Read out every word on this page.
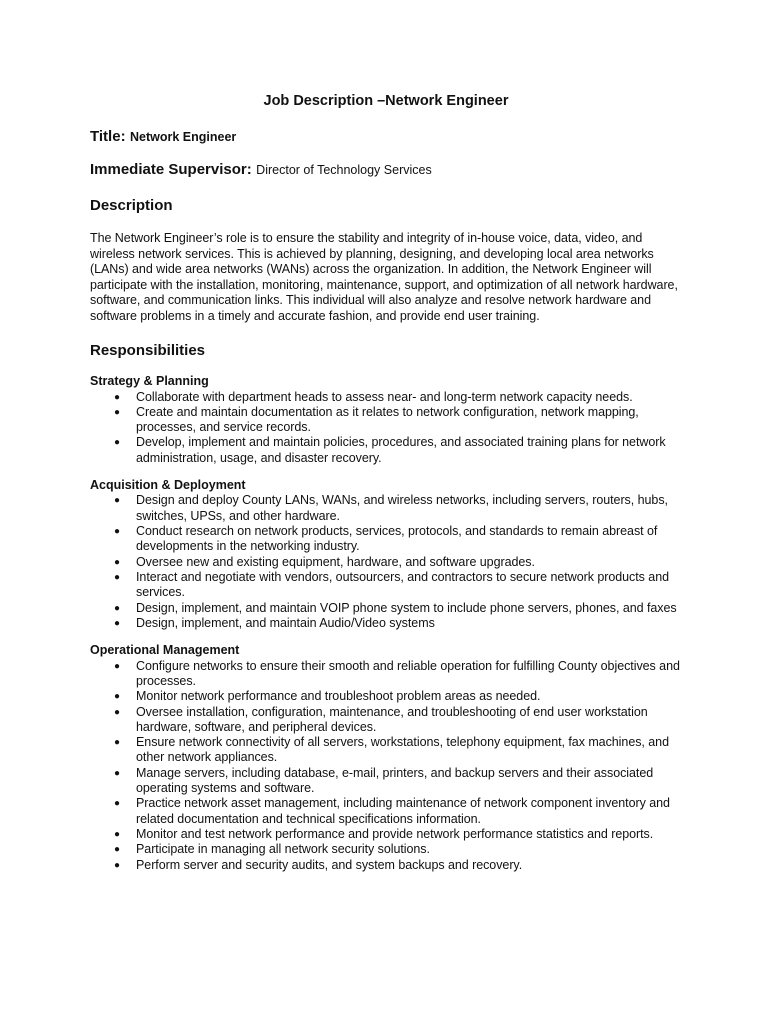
Job Description –Network Engineer
Title: Network Engineer
Immediate Supervisor: Director of Technology Services
Description

The Network Engineer’s role is to ensure the stability and integrity of in-house voice, data, video, and wireless network services. This is achieved by planning, designing, and developing local area networks (LANs) and wide area networks (WANs) across the organization. In addition, the Network Engineer will participate with the installation, monitoring, maintenance, support, and optimization of all network hardware, software, and communication links. This individual will also analyze and resolve network hardware and software problems in a timely and accurate fashion, and provide end user training.

Responsibilities
Strategy & Planning
● Collaborate with department heads to assess near- and long-term network capacity needs.
● Create and maintain documentation as it relates to network configuration, network mapping, processes, and service records.
● Develop, implement and maintain policies, procedures, and associated training plans for network administration, usage, and disaster recovery.
Acquisition & Deployment
● Design and deploy County LANs, WANs, and wireless networks, including servers, routers, hubs, switches, UPSs, and other hardware.
● Conduct research on network products, services, protocols, and standards to remain abreast of developments in the networking industry.
● Oversee new and existing equipment, hardware, and software upgrades.
● Interact and negotiate with vendors, outsourcers, and contractors to secure network products and services.
● Design, implement, and maintain VOIP phone system to include phone servers, phones, and faxes
● Design, implement, and maintain Audio/Video systems
Operational Management
● Configure networks to ensure their smooth and reliable operation for fulfilling County objectives and processes.
● Monitor network performance and troubleshoot problem areas as needed.
● Oversee installation, configuration, maintenance, and troubleshooting of end user workstation hardware, software, and peripheral devices.
● Ensure network connectivity of all servers, workstations, telephony equipment, fax machines, and other network appliances.
● Manage servers, including database, e-mail, printers, and backup servers and their associated operating systems and software.
● Practice network asset management, including maintenance of network component inventory and related documentation and technical specifications information.
● Monitor and test network performance and provide network performance statistics and reports.
● Participate in managing all network security solutions.
● Perform server and security audits, and system backups and recovery.
